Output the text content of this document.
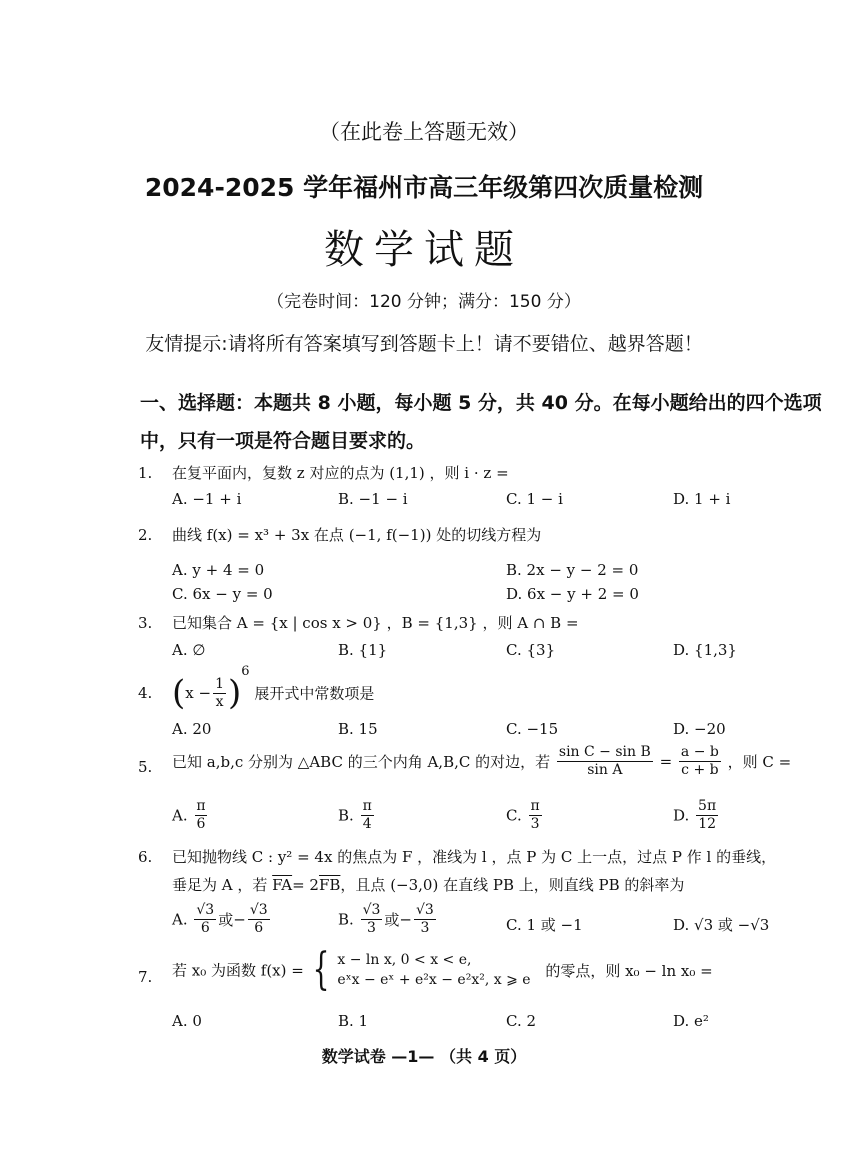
（在此卷上答题无效）
2024-2025 学年福州市高三年级第四次质量检测
数学试题
（完卷时间：120 分钟；满分：150 分）
友情提示:请将所有答案填写到答题卡上！请不要错位、越界答题！
一、选择题：本题共 8 小题，每小题 5 分，共 40 分。在每小题给出的四个选项
中，只有一项是符合题目要求的。
1. 在复平面内，复数 z 对应的点为 (1,1) ，则 i · z =
A. −1 + i	B. −1 − i	C. 1 − i	D. 1 + i
2. 曲线 f(x) = x³ + 3x 在点 (−1, f(−1)) 处的切线方程为
A. y + 4 = 0	B. 2x − y − 2 = 0
C. 6x − y = 0	D. 6x − y + 2 = 0
3. 已知集合 A = {x | cos x > 0} ，B = {1,3} ，则 A ∩ B =
A. ∅	B. {1}	C. {3}	D. {1,3}
4. $(x - \frac{1}{x} )^6$ 展开式中常数项是
A. 20	B. 15	C. −15	D. −20
5. 已知 a,b,c 分别为 △ABC 的三个内角 A,B,C 的对边，若 $\frac{\text{sin C − sin B}}{\text{sin A}} = \frac{a - b}{c + b}$ ，则 C =
A. $\frac{\pi}{6}$	B. $\frac{\pi}{4}$	C. $\frac{\pi}{3}$	D. $\frac{5\pi}{12}$
6. 已知抛物线 C : y² = 4x 的焦点为 F ，准线为 l ，点 P 为 C 上一点，过点 P 作 l 的垂线，
垂足为 A ，若 $\overline{FA}= 2\overline{FB}$，且点 (−3,0) 在直线 PB 上，则直线 PB 的斜率为
A. $\frac{√3}{6}$ 或− $\frac{√3}{6}$	B. $\frac{√3}{3}$ 或− $\frac{√3}{3}$	C. 1 或 −1	D. √3 或 −√3
7. 若 x₀ 为函数 f(x) = { x − ln x, 0 < x < e,
eˣx − eˣ + e²x − e²x², x ⩾ e
的零点，则 x₀ − ln x₀ =
A. 0	B. 1	C. 2	D. e²
数学试卷 —1— （共 4 页）
